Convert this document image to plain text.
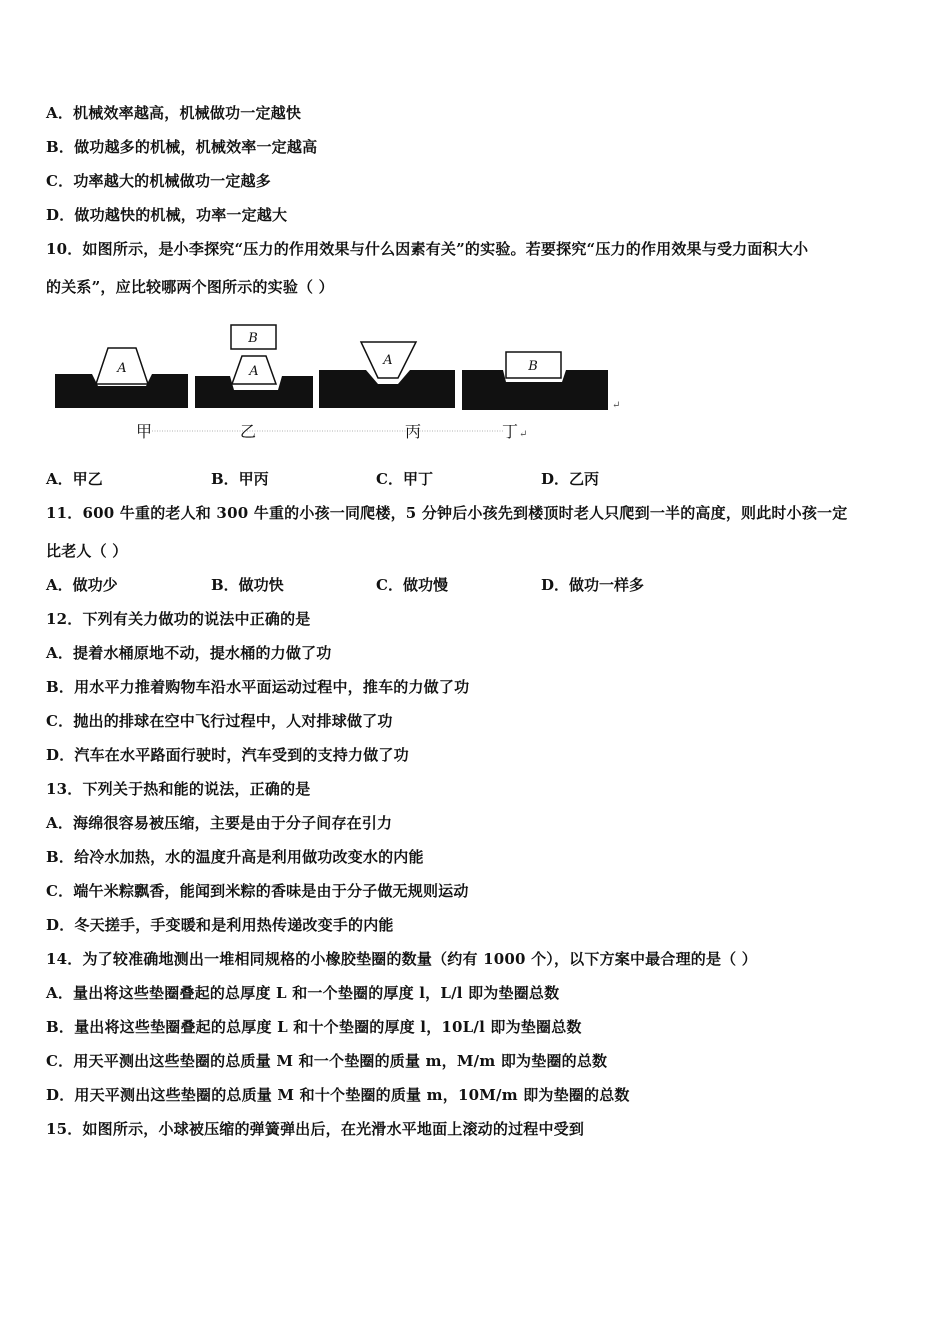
A．机械效率越高，机械做功一定越快
B．做功越多的机械，机械效率一定越高
C．功率越大的机械做功一定越多
D．做功越快的机械，功率一定越大
10．如图所示，是小李探究“压力的作用效果与什么因素有关”的实验。若要探究“压力的作用效果与受力面积大小
的关系”，应比较哪两个图所示的实验（ ）
A	A
B
A	B
↵
甲	乙	丙	丁 ↵
A．甲乙	B．甲丙	C．甲丁	D．乙丙
11．600 牛重的老人和 300 牛重的小孩一同爬楼，5 分钟后小孩先到楼顶时老人只爬到一半的高度，则此时小孩一定
比老人（ ）
A．做功少	B．做功快	C．做功慢	D．做功一样多
12．下列有关力做功的说法中正确的是
A．提着水桶原地不动，提水桶的力做了功
B．用水平力推着购物车沿水平面运动过程中，推车的力做了功
C．抛出的排球在空中飞行过程中，人对排球做了功
D．汽车在水平路面行驶时，汽车受到的支持力做了功
13．下列关于热和能的说法，正确的是
A．海绵很容易被压缩，主要是由于分子间存在引力
B．给冷水加热，水的温度升高是利用做功改变水的内能
C．端午米粽飘香，能闻到米粽的香味是由于分子做无规则运动
D．冬天搓手，手变暖和是利用热传递改变手的内能
14．为了较准确地测出一堆相同规格的小橡胶垫圈的数量（约有 1000 个），以下方案中最合理的是（ ）
A．量出将这些垫圈叠起的总厚度 L 和一个垫圈的厚度 l，L/l 即为垫圈总数
B．量出将这些垫圈叠起的总厚度 L 和十个垫圈的厚度 l，10L/l 即为垫圈总数
C．用天平测出这些垫圈的总质量 M 和一个垫圈的质量 m，M/m 即为垫圈的总数
D．用天平测出这些垫圈的总质量 M 和十个垫圈的质量 m，10M/m 即为垫圈的总数
15．如图所示，小球被压缩的弹簧弹出后，在光滑水平地面上滚动的过程中受到
